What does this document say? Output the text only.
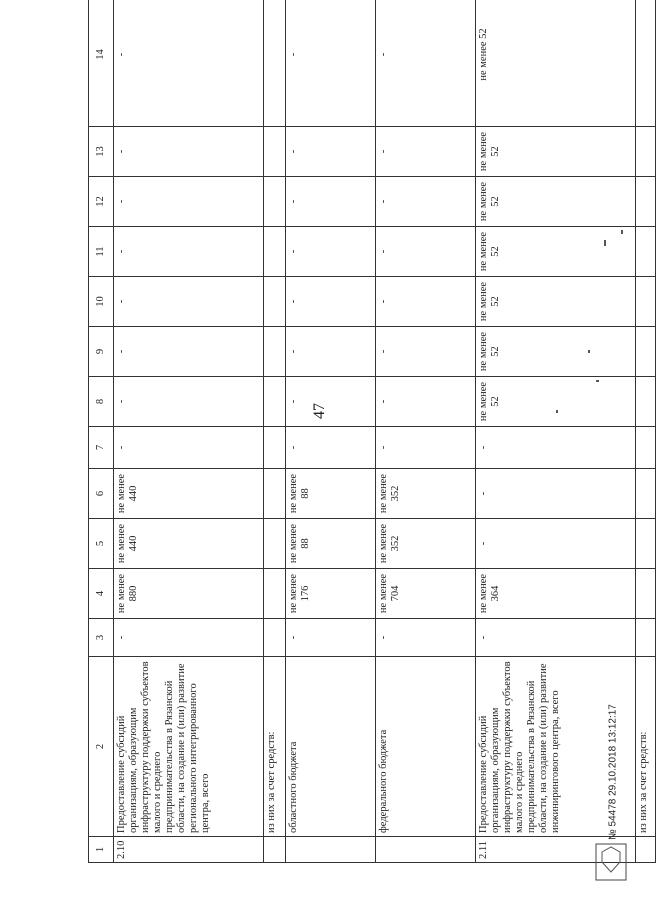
47
1	2	3	4	5	6	7	8	9	10	11	12	13	14
2.10	Предоставление субсидий организациям, образующим инфраструктуру поддержки субъектов малого и среднего предпринимательства в Рязанской области, на создание и (или) развитие регионального интегрированного центра, всего	-	не менее 880	не менее 440	не менее 440	-	-	-	-	-	-	-	-
	из них за счет средств:												
	областного бюджета	-	не менее 176	не менее 88	не менее 88	-	-	-	-	-	-	-	-
	федерального бюджета	-	не менее 704	не менее 352	не менее 352	-	-	-	-	-	-	-	-
2.11	Предоставление субсидий организациям, образующим инфраструктуру поддержки субъектов малого и среднего предпринимательства в Рязанской области, на создание и (или) развитие инжинирингового центра, всего	-	не менее 364	-	-	-	не менее 52	не менее 52	не менее 52	не менее 52	не менее 52	не менее 52	не менее 52
	из них за счет средств:												
№ 54478 29.10.2018 13:12:17
